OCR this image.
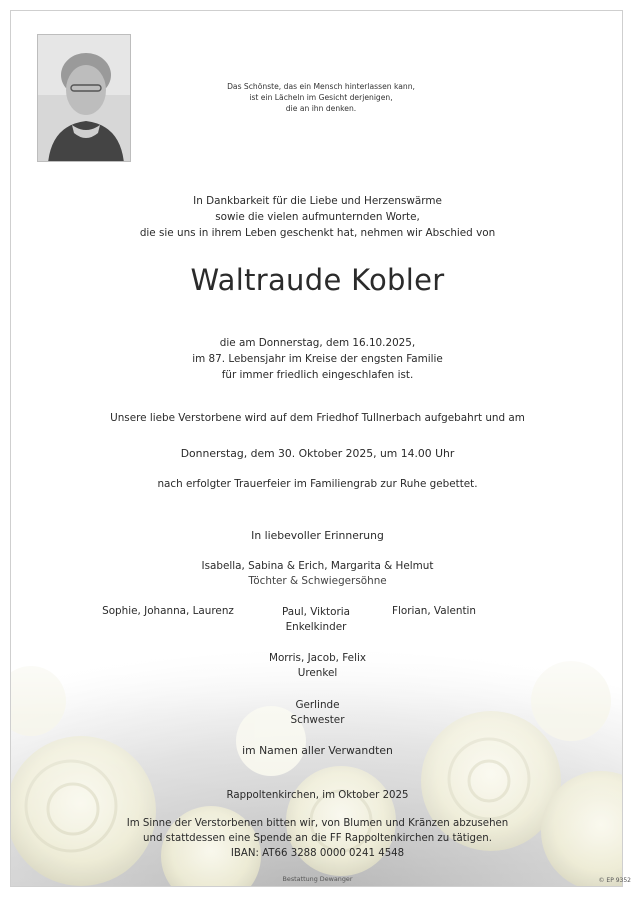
Das Schönste, das ein Mensch hinterlassen kann,
ist ein Lächeln im Gesicht derjenigen,
die an ihn denken.
In Dankbarkeit für die Liebe und Herzenswärme
sowie die vielen aufmunternden Worte,
die sie uns in ihrem Leben geschenkt hat, nehmen wir Abschied von
Waltraude Kobler
die am Donnerstag, dem 16.10.2025,
im 87. Lebensjahr im Kreise der engsten Familie
für immer friedlich eingeschlafen ist.
Unsere liebe Verstorbene wird auf dem Friedhof Tullnerbach aufgebahrt und am
Donnerstag, dem 30. Oktober 2025, um 14.00 Uhr
nach erfolgter Trauerfeier im Familiengrab zur Ruhe gebettet.
In liebevoller Erinnerung
Isabella, Sabina & Erich, Margarita & Helmut
Töchter & Schwiegersöhne
Sophie, Johanna, Laurenz	Paul, Viktoria
Enkelkinder
Florian, Valentin
Morris, Jacob, Felix
Urenkel
Gerlinde
Schwester
im Namen aller Verwandten
Rappoltenkirchen, im Oktober 2025
Im Sinne der Verstorbenen bitten wir, von Blumen und Kränzen abzusehen
und stattdessen eine Spende an die FF Rappoltenkirchen zu tätigen.
IBAN: AT66 3288 0000 0241 4548
Bestattung Dewanger	© EP 9352
